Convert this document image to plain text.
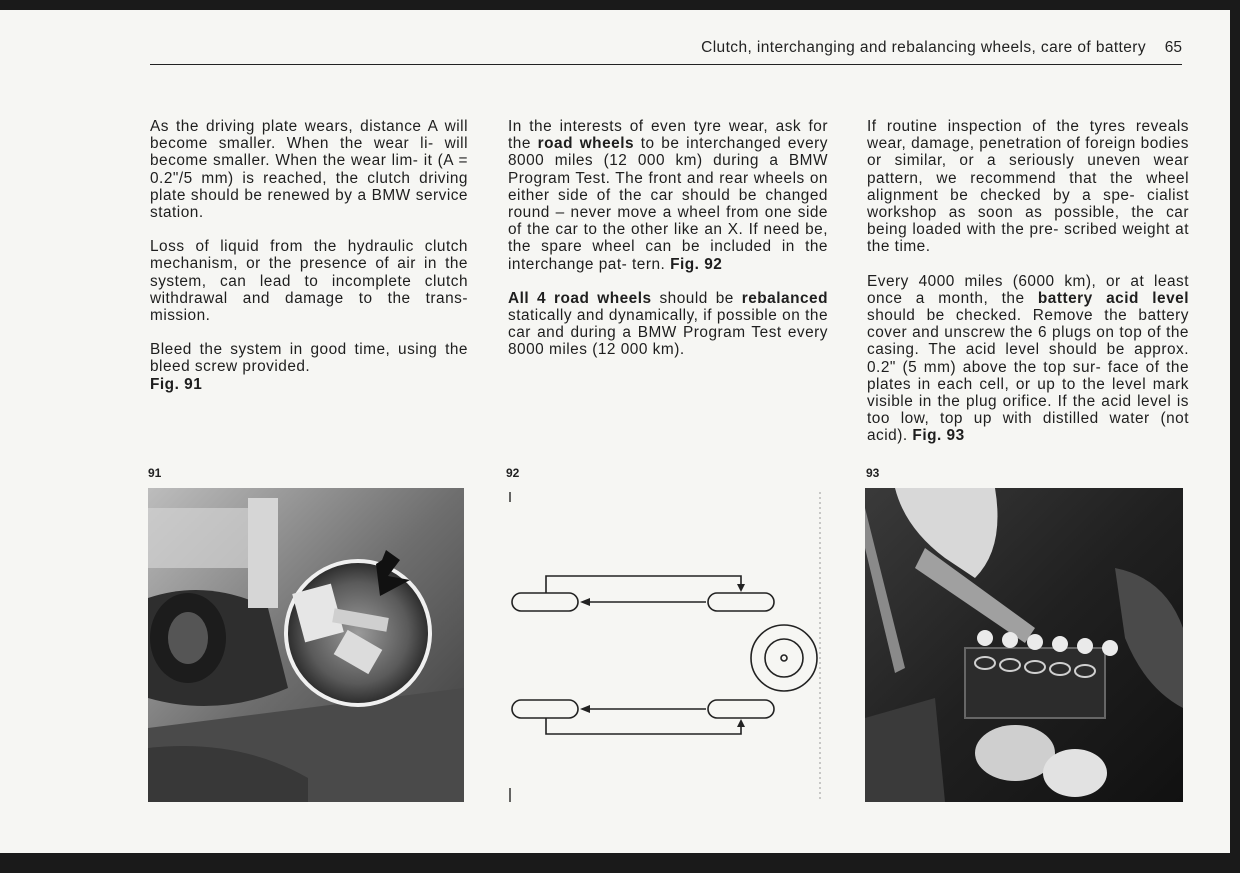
Clutch, interchanging and rebalancing wheels, care of battery 65

As the driving plate wears, distance A will become smaller. When the wear li- will become smaller. When the wear lim- it (A = 0.2"/5 mm) is reached, the clutch driving plate should be renewed by a BMW service station.

Loss of liquid from the hydraulic clutch mechanism, or the presence of air in the system, can lead to incomplete clutch withdrawal and damage to the trans- mission.

Bleed the system in good time, using the bleed screw provided.
Fig. 91

In the interests of even tyre wear, ask for the road wheels to be interchanged every 8000 miles (12 000 km) during a BMW Program Test. The front and rear wheels on either side of the car should be changed round – never move a wheel from one side of the car to the other like an X. If need be, the spare wheel can be included in the interchange pat- tern. Fig. 92

All 4 road wheels should be rebalanced statically and dynamically, if possible on the car and during a BMW Program Test every 8000 miles (12 000 km).

If routine inspection of the tyres reveals wear, damage, penetration of foreign bodies or similar, or a seriously uneven wear pattern, we recommend that the wheel alignment be checked by a spe- cialist workshop as soon as possible, the car being loaded with the pre- scribed weight at the time.

Every 4000 miles (6000 km), or at least once a month, the battery acid level should be checked. Remove the battery cover and unscrew the 6 plugs on top of the casing. The acid level should be approx. 0.2" (5 mm) above the top sur- face of the plates in each cell, or up to the level mark visible in the plug orifice. If the acid level is too low, top up with distilled water (not acid). Fig. 93

91	92	93
